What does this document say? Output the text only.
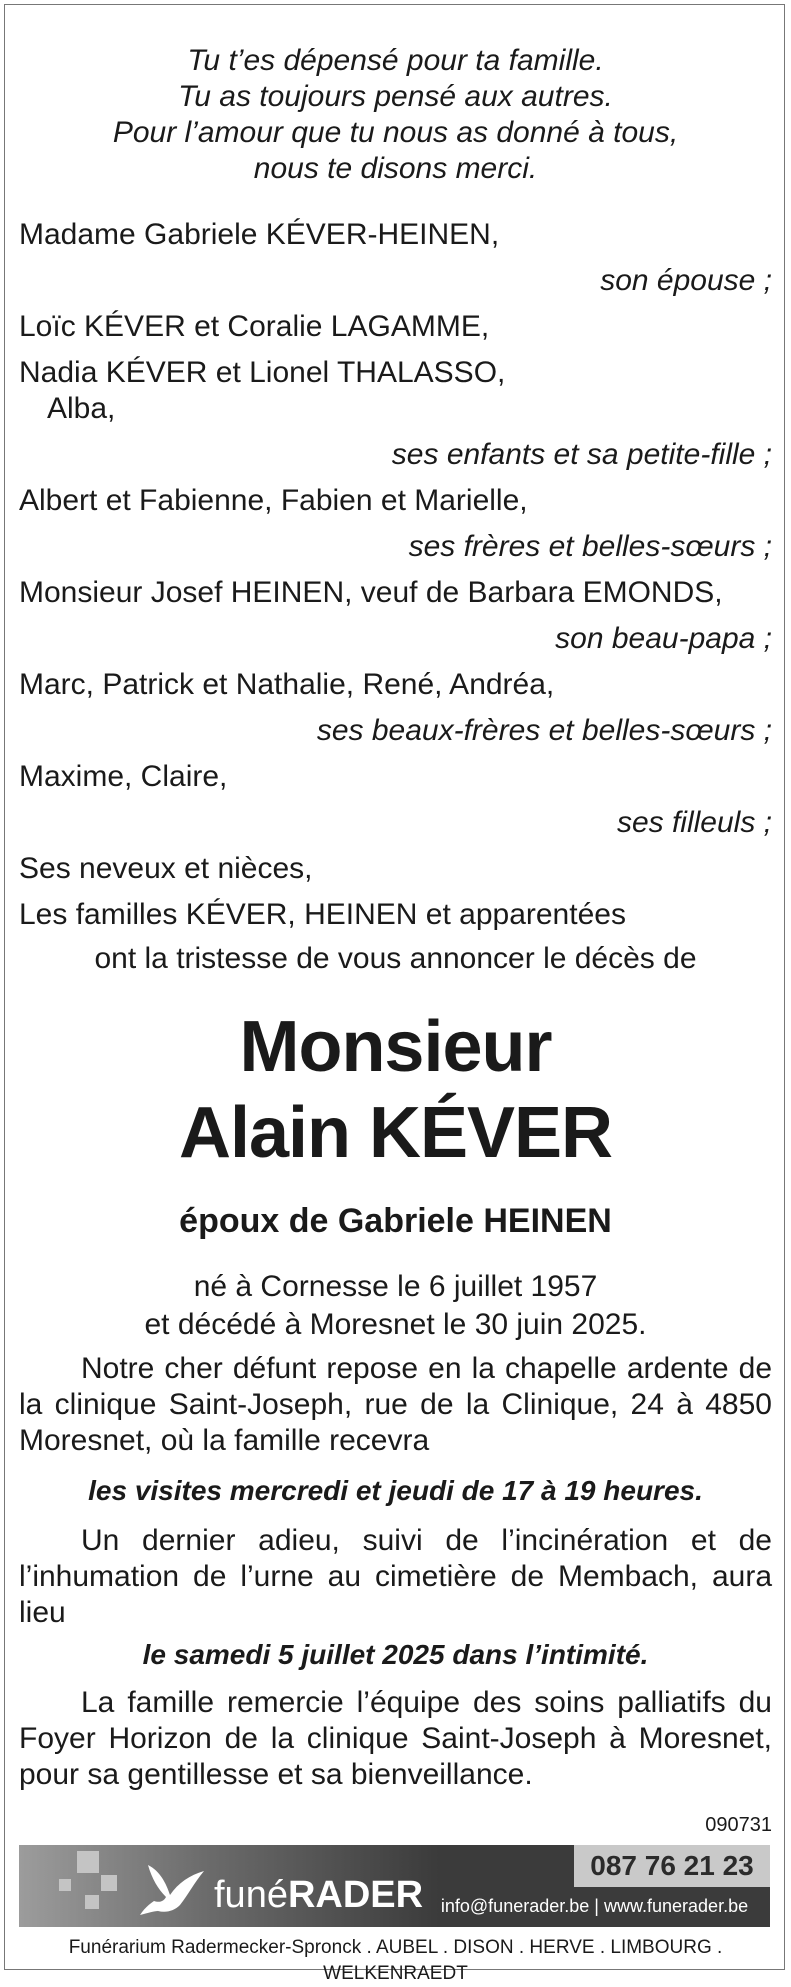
Tu t’es dépensé pour ta famille.
Tu as toujours pensé aux autres.
Pour l’amour que tu nous as donné à tous,
nous te disons merci.
Madame Gabriele KÉVER-HEINEN,
son épouse ;
Loïc KÉVER et Coralie LAGAMME,
Nadia KÉVER et Lionel THALASSO,
Alba,
ses enfants et sa petite-fille ;
Albert et Fabienne, Fabien et Marielle,
ses frères et belles-sœurs ;
Monsieur Josef HEINEN, veuf de Barbara EMONDS,
son beau-papa ;
Marc, Patrick et Nathalie, René, Andréa,
ses beaux-frères et belles-sœurs ;
Maxime, Claire,
ses filleuls ;
Ses neveux et nièces,
Les familles KÉVER, HEINEN et apparentées
ont la tristesse de vous annoncer le décès de
Monsieur
Alain KÉVER
époux de Gabriele HEINEN
né à Cornesse le 6 juillet 1957
et décédé à Moresnet le 30 juin 2025.
Notre cher défunt repose en la chapelle ardente de la clinique Saint-Joseph, rue de la Clinique, 24 à 4850 Moresnet, où la famille recevra
les visites mercredi et jeudi de 17 à 19 heures.
Un dernier adieu, suivi de l’incinération et de l’inhumation de l’urne au cimetière de Membach, aura lieu
le samedi 5 juillet 2025 dans l’intimité.
La famille remercie l’équipe des soins palliatifs du Foyer Horizon de la clinique Saint-Joseph à Moresnet, pour sa gentillesse et sa bienveillance.
090731
funéRADER
087 76 21 23
info@funerader.be | www.funerader.be
Funérarium Radermecker-Spronck . AUBEL . DISON . HERVE . LIMBOURG . WELKENRAEDT
